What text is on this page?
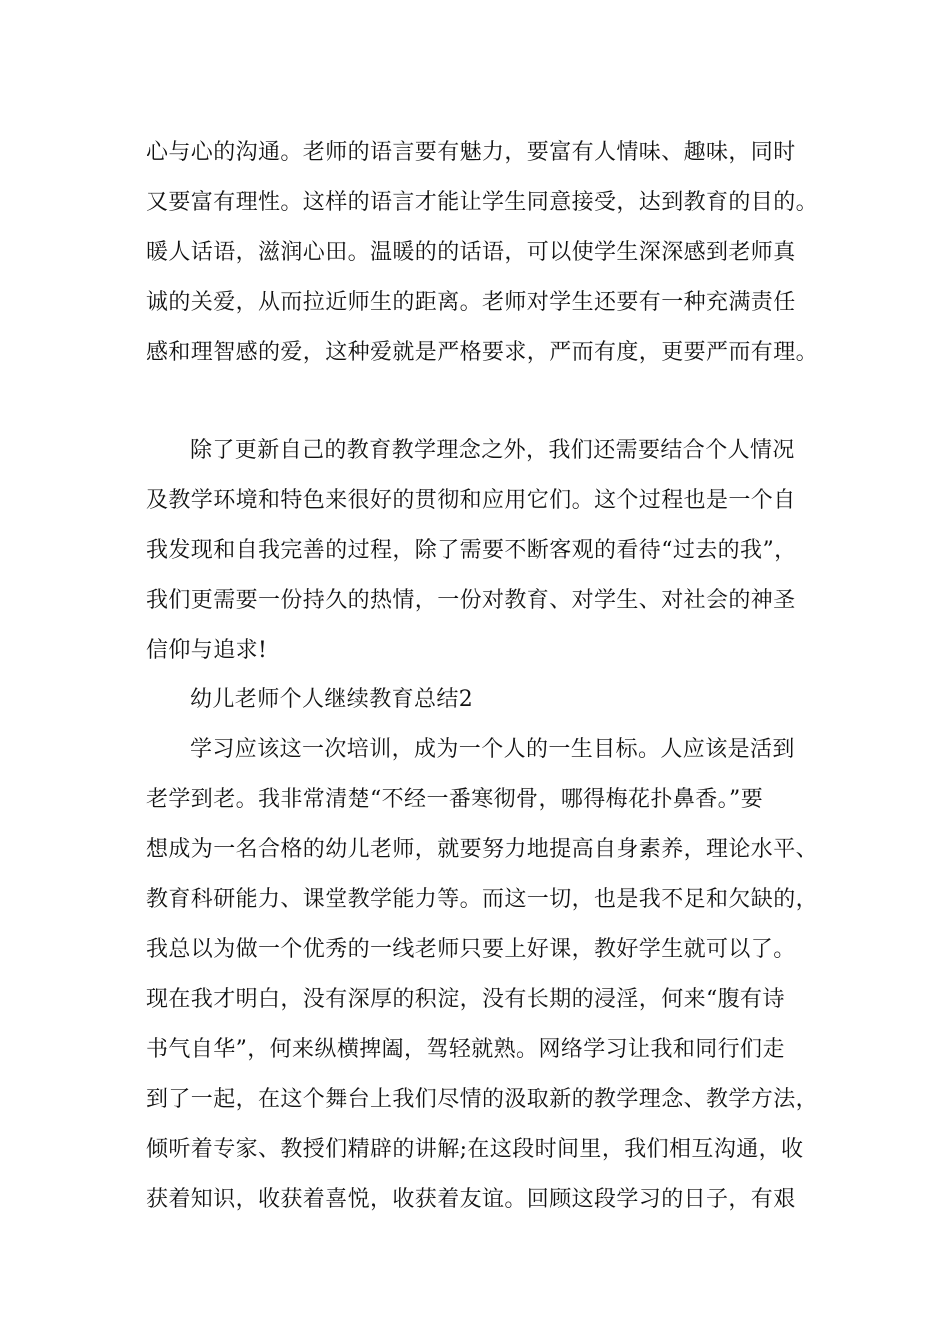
心与心的沟通。老师的语言要有魅力，要富有人情味、趣味，同时
又要富有理性。这样的语言才能让学生同意接受，达到教育的目的。
暖人话语，滋润心田。温暖的的话语，可以使学生深深感到老师真
诚的关爱，从而拉近师生的距离。老师对学生还要有一种充满责任
感和理智感的爱，这种爱就是严格要求，严而有度，更要严而有理。
除了更新自己的教育教学理念之外，我们还需要结合个人情况
及教学环境和特色来很好的贯彻和应用它们。这个过程也是一个自
我发现和自我完善的过程，除了需要不断客观的看待“过去的我”，
我们更需要一份持久的热情，一份对教育、对学生、对社会的神圣
信仰与追求!
幼儿老师个人继续教育总结2
学习应该这一次培训，成为一个人的一生目标。人应该是活到
老学到老。我非常清楚“不经一番寒彻骨，哪得梅花扑鼻香。”要
想成为一名合格的幼儿老师，就要努力地提高自身素养，理论水平、
教育科研能力、课堂教学能力等。而这一切，也是我不足和欠缺的，
我总以为做一个优秀的一线老师只要上好课，教好学生就可以了。
现在我才明白，没有深厚的积淀，没有长期的浸淫，何来“腹有诗
书气自华”，何来纵横捭阖，驾轻就熟。网络学习让我和同行们走
到了一起，在这个舞台上我们尽情的汲取新的教学理念、教学方法，
倾听着专家、教授们精辟的讲解;在这段时间里，我们相互沟通，收
获着知识，收获着喜悦，收获着友谊。回顾这段学习的日子，有艰
